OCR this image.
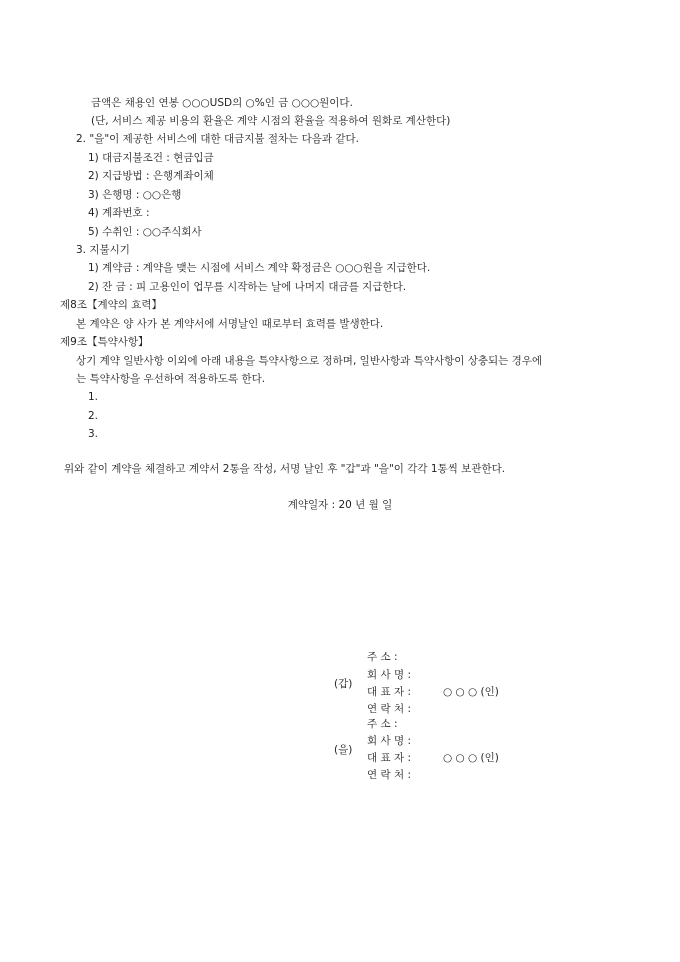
금액은 채용인 연봉 ○○○USD의 ○%인 금 ○○○원이다.
(단, 서비스 제공 비용의 환율은 계약 시점의 환율을 적용하여 원화로 계산한다)
2. "을"이 제공한 서비스에 대한 대금지불 절차는 다음과 같다.
1) 대금지불조건 : 현금입금
2) 지급방법 : 은행계좌이체
3) 은행명 : ○○은행
4) 계좌번호 :
5) 수취인 : ○○주식회사
3. 지불시기
1) 계약금 : 계약을 맺는 시점에 서비스 계약 확정금은 ○○○원을 지급한다.
2) 잔 금 : 피 고용인이 업무를 시작하는 날에 나머지 대금를 지급한다.
제8조【계약의 효력】
본 계약은 양 사가 본 계약서에 서명날인 때로부터 효력를 발생한다.
제9조【특약사항】
상기 계약 일반사항 이외에 아래 내용을 특약사항으로 정하며, 일반사항과 특약사항이 상충되는 경우에
는 특약사항을 우선하여 적용하도록 한다.
1.
2.
3.
위와 같이 계약을 체결하고 계약서 2통을 작성, 서명 날인 후 "갑"과 "을"이 각각 1통씩 보관한다.
계약일자 : 20 년 월 일
(갑)
주 소 :
회 사 명 :
대 표 자 :	○ ○ ○ (인)
연 락 처 :
(을)
주 소 :
회 사 명 :
대 표 자 :	○ ○ ○ (인)
연 락 처 :
